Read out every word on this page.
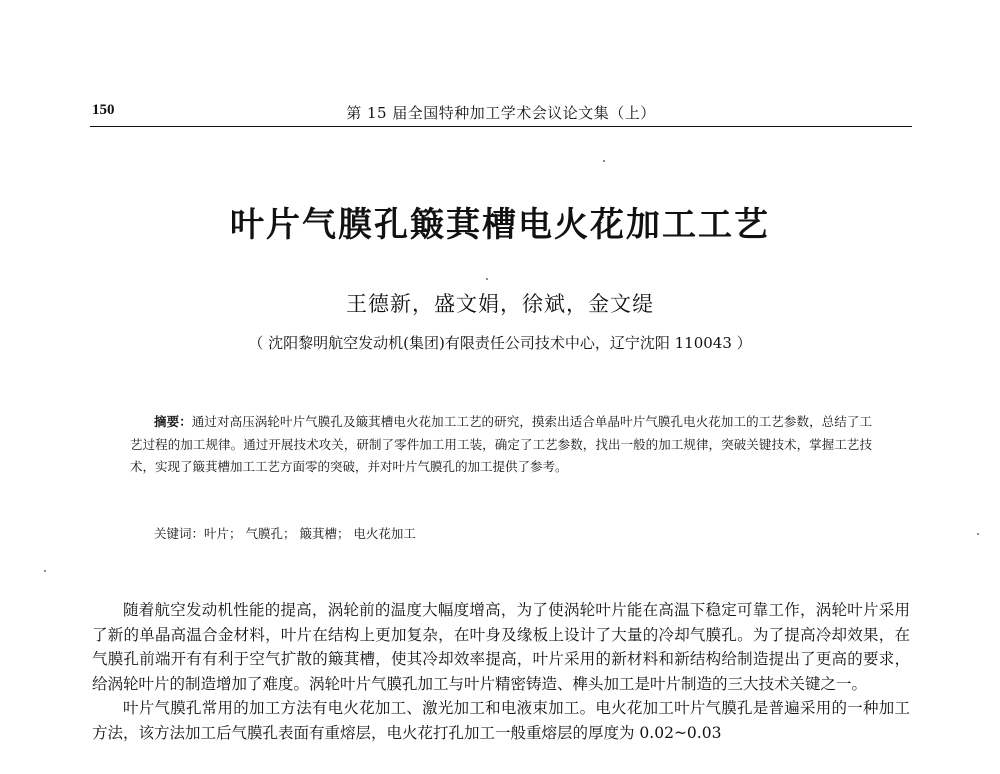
150	第 15 届全国特种加工学术会议论文集（上）
叶片气膜孔簸萁槽电火花加工工艺
王德新，盛文娟，徐斌，金文缇
（ 沈阳黎明航空发动机(集团)有限责任公司技术中心，辽宁沈阳 110043 ）
摘要：通过对高压涡轮叶片气膜孔及簸萁槽电火花加工工艺的研究，摸索出适合单晶叶片气膜孔电火花加工的工艺参数，总结了工艺过程的加工规律。通过开展技术攻关，研制了零件加工用工装，确定了工艺参数，找出一般的加工规律，突破关键技术，掌握工艺技术，实现了簸萁槽加工工艺方面零的突破，并对叶片气膜孔的加工提供了参考。
关键词：叶片； 气膜孔； 簸萁槽； 电火花加工

随着航空发动机性能的提高，涡轮前的温度大幅度增高，为了使涡轮叶片能在高温下稳定可靠工作，涡轮叶片采用了新的单晶高温合金材料，叶片在结构上更加复杂，在叶身及缘板上设计了大量的冷却气膜孔。为了提高冷却效果，在气膜孔前端开有有利于空气扩散的簸萁槽，使其冷却效率提高，叶片采用的新材料和新结构给制造提出了更高的要求，给涡轮叶片的制造增加了难度。涡轮叶片气膜孔加工与叶片精密铸造、榫头加工是叶片制造的三大技术关键之一。

叶片气膜孔常用的加工方法有电火花加工、激光加工和电液束加工。电火花加工叶片气膜孔是普遍采用的一种加工方法，该方法加工后气膜孔表面有重熔层，电火花打孔加工一般重熔层的厚度为 0.02~0.03
